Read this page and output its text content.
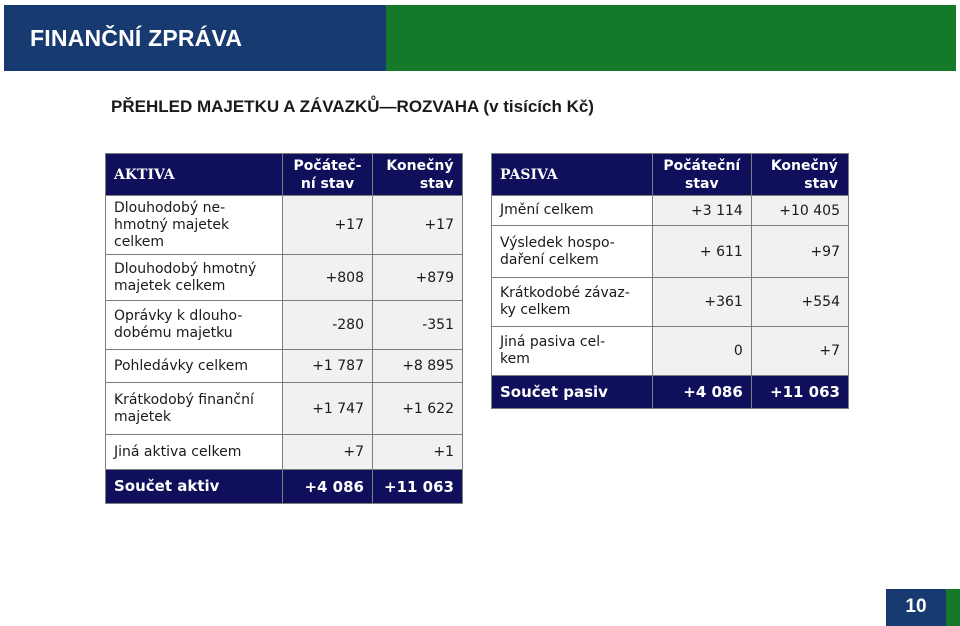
FINANČNÍ ZPRÁVA
PŘEHLED MAJETKU A ZÁVAZKŮ—ROZVAHA (v tisících Kč)
AKTIVA	Počáteč-ní stav	Konečný stav
Dlouhodobý ne-hmotný majetek celkem	+17	+17
Dlouhodobý hmotný majetek celkem	+808	+879
Oprávky k dlouho-dobému majetku	-280	-351
Pohledávky celkem	+1 787	+8 895
Krátkodobý finanční majetek	+1 747	+1 622
Jiná aktiva celkem	+7	+1
Součet aktiv	+4 086	+11 063
PASIVA	Počáteční stav	Konečný stav
Jmění celkem	+3 114	+10 405
Výsledek hospo-daření celkem	+ 611	+97
Krátkodobé závaz-ky celkem	+361	+554
Jiná pasiva cel-kem	0	+7
Součet pasiv	+4 086	+11 063
10
